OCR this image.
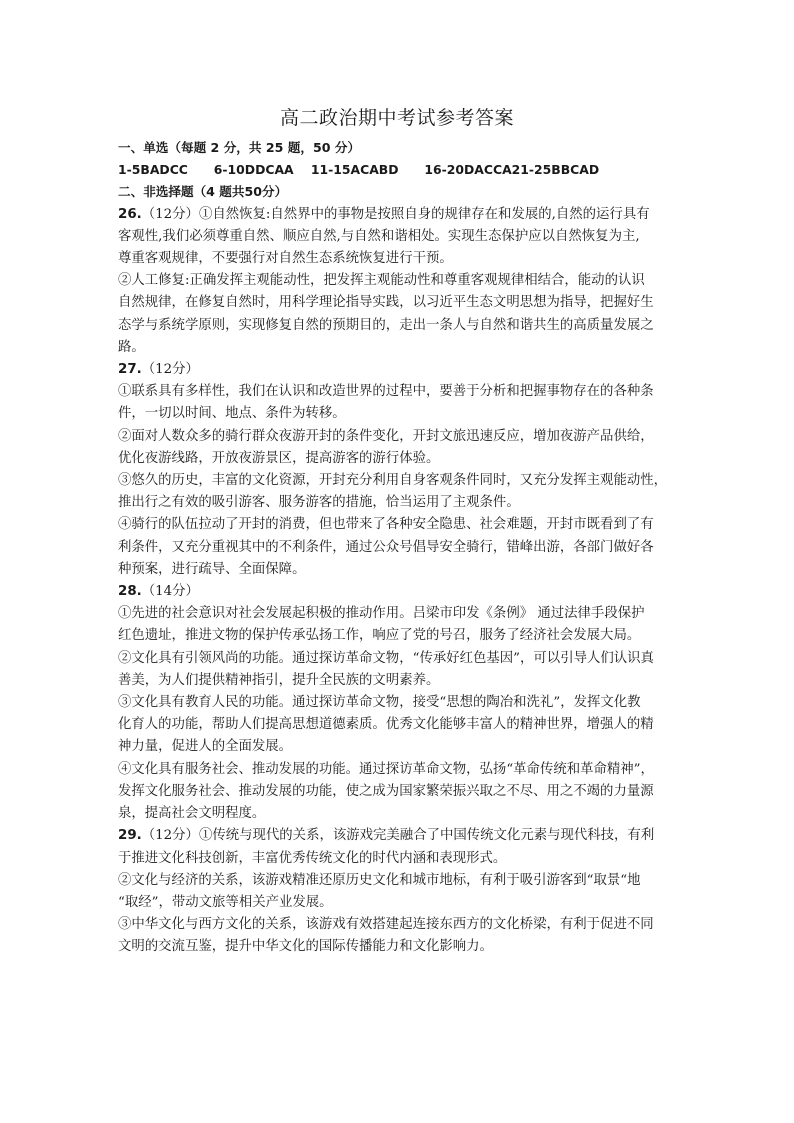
高二政治期中考试参考答案
一、单选（每题 2 分，共 25 题，50 分）
1-5BADCC      6-10DDCAA    11-15ACABD      16-20DACCA21-25BBCAD
二、非选择题（4 题共50分）
26.（12分）①自然恢复:自然界中的事物是按照自身的规律存在和发展的,自然的运行具有
客观性,我们必须尊重自然、顺应自然,与自然和谐相处。实现生态保护应以自然恢复为主,
尊重客观规律，不要强行对自然生态系统恢复进行干预。
②人工修复:正确发挥主观能动性，把发挥主观能动性和尊重客观规律相结合，能动的认识
自然规律，在修复自然时，用科学理论指导实践，以习近平生态文明思想为指导，把握好生
态学与系统学原则，实现修复自然的预期目的，走出一条人与自然和谐共生的高质量发展之
路。
27.（12分）
①联系具有多样性，我们在认识和改造世界的过程中，要善于分析和把握事物存在的各种条
件，一切以时间、地点、条件为转移。
②面对人数众多的骑行群众夜游开封的条件变化，开封文旅迅速反应，增加夜游产品供给，
优化夜游线路，开放夜游景区，提高游客的游行体验。
③悠久的历史，丰富的文化资源，开封充分利用自身客观条件同时，又充分发挥主观能动性，
推出行之有效的吸引游客、服务游客的措施，恰当运用了主观条件。
④骑行的队伍拉动了开封的消费，但也带来了各种安全隐患、社会难题，开封市既看到了有
利条件，又充分重视其中的不利条件，通过公众号倡导安全骑行，错峰出游，各部门做好各
种预案，进行疏导、全面保障。
28.（14分）
①先进的社会意识对社会发展起积极的推动作用。吕梁市印发《条例》 通过法律手段保护
红色遗址，推进文物的保护传承弘扬工作，响应了党的号召，服务了经济社会发展大局。
②文化具有引领风尚的功能。通过探访革命文物，“传承好红色基因”，可以引导人们认识真
善美，为人们提供精神指引，提升全民族的文明素养。
③文化具有教育人民的功能。通过探访革命文物，接受“思想的陶冶和洗礼”，发挥文化教
化育人的功能，帮助人们提高思想道德素质。优秀文化能够丰富人的精神世界，增强人的精
神力量，促进人的全面发展。
④文化具有服务社会、推动发展的功能。通过探访革命文物，弘扬“革命传统和革命精神”，
发挥文化服务社会、推动发展的功能，使之成为国家繁荣振兴取之不尽、用之不竭的力量源
泉，提高社会文明程度。
29.（12分）①传统与现代的关系，该游戏完美融合了中国传统文化元素与现代科技，有利
于推进文化科技创新，丰富优秀传统文化的时代内涵和表现形式。
②文化与经济的关系，该游戏精准还原历史文化和城市地标，有利于吸引游客到“取景“地
“取经”，带动文旅等相关产业发展。
③中华文化与西方文化的关系，该游戏有效搭建起连接东西方的文化桥梁，有利于促进不同
文明的交流互鉴，提升中华文化的国际传播能力和文化影响力。
